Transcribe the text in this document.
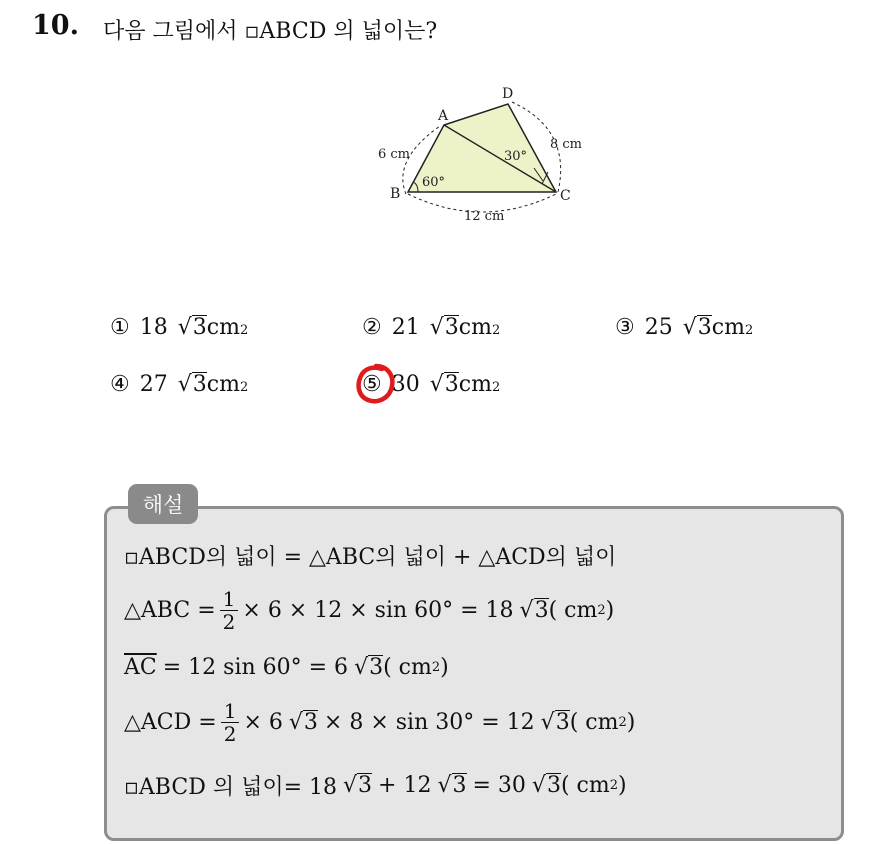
10. 다음 그림에서 ▫ABCD 의 넓이는?
A
B	C
D
6 cm
8 cm
12 cm
60°
30°
① 18 √ 3 cm 2	② 21 √ 3 cm 2	③ 25 √ 3 cm 2
④ 27 √ 3 cm 2	⑤ 30 √ 3 cm 2
해설
▫ABCD의 넓이 = △ABC의 넓이 + △ACD의 넓이
△ABC = $\frac{1}{2} \times 6 \times 12 \times \sin 60^\circ = 18$ √ 3 ( cm 2 )
$\overline{AC} = 12$ sin 60° = 6 √ 3 ( cm 2 )
△ACD = $\frac{1}{2} \times 6$ √ 3 × 8 × sin 30° = 12 √ 3 ( cm 2 )
▫ABCD 의 넓이= 18 √ 3 + 12 √ 3 = 30 √ 3 ( cm 2 )
